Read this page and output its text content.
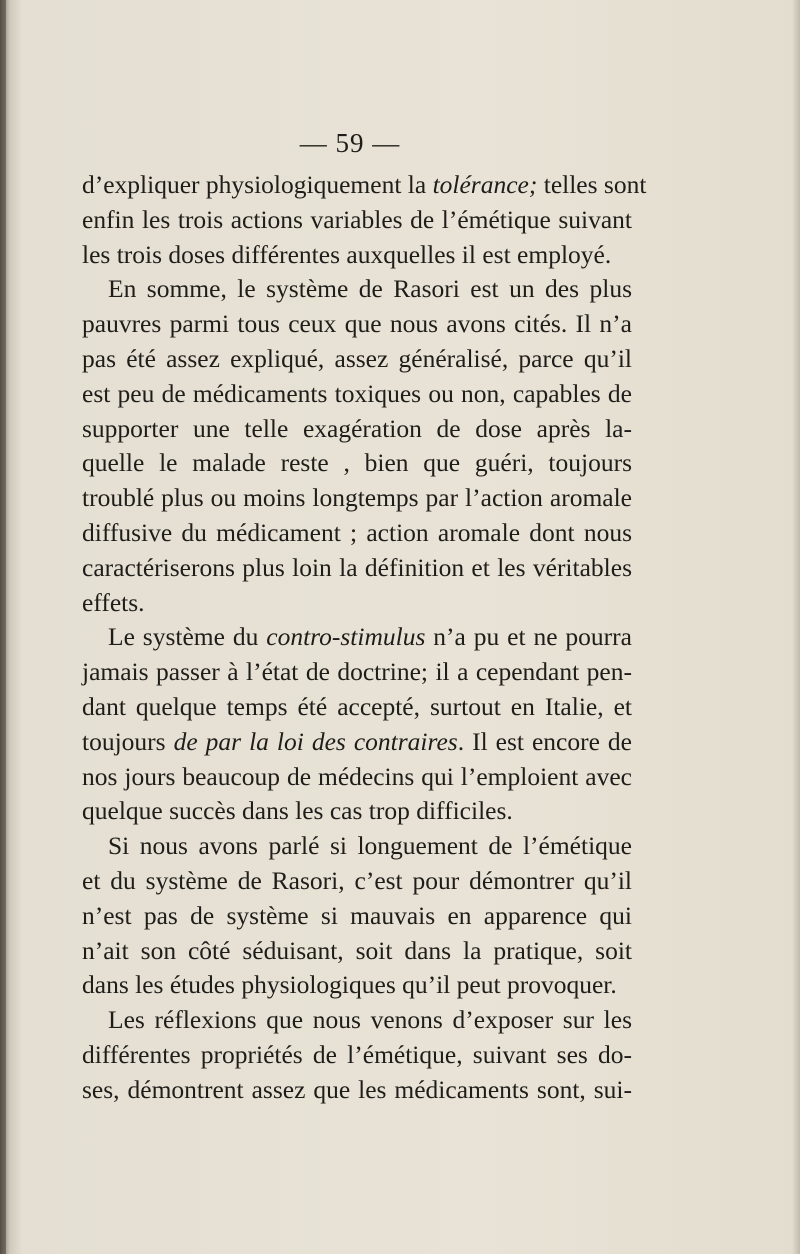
— 59 —
d’expliquer physiologiquement la tolérance; telles sont
enfin les trois actions variables de l’émétique suivant
les trois doses différentes auxquelles il est employé.
En somme, le système de Rasori est un des plus
pauvres parmi tous ceux que nous avons cités. Il n’a
pas été assez expliqué, assez généralisé, parce qu’il
est peu de médicaments toxiques ou non, capables de
supporter une telle exagération de dose après la-
quelle le malade reste , bien que guéri, toujours
troublé plus ou moins longtemps par l’action aromale
diffusive du médicament ; action aromale dont nous
caractériserons plus loin la définition et les véritables
effets.
Le système du contro-stimulus n’a pu et ne pourra
jamais passer à l’état de doctrine; il a cependant pen-
dant quelque temps été accepté, surtout en Italie, et
toujours de par la loi des contraires. Il est encore de
nos jours beaucoup de médecins qui l’emploient avec
quelque succès dans les cas trop difficiles.
Si nous avons parlé si longuement de l’émétique
et du système de Rasori, c’est pour démontrer qu’il
n’est pas de système si mauvais en apparence qui
n’ait son côté séduisant, soit dans la pratique, soit
dans les études physiologiques qu’il peut provoquer.
Les réflexions que nous venons d’exposer sur les
différentes propriétés de l’émétique, suivant ses do-
ses, démontrent assez que les médicaments sont, sui-
